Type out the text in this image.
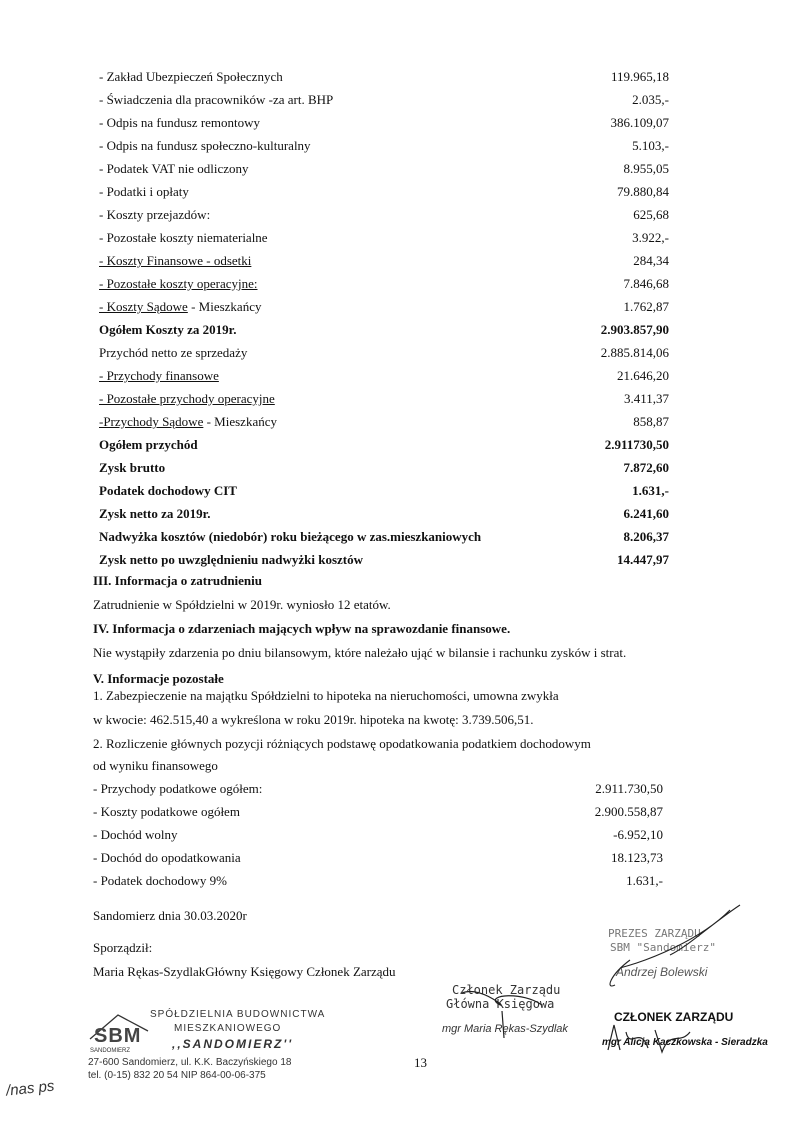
- Zakład Ubezpieczeń Społecznych	119.965,18
- Świadczenia dla pracowników -za art. BHP	2.035,-
- Odpis na fundusz remontowy	386.109,07
- Odpis na fundusz społeczno-kulturalny	5.103,-
- Podatek VAT nie odliczony	8.955,05
- Podatki i opłaty	79.880,84
- Koszty przejazdów:	625,68
- Pozostałe koszty niematerialne	3.922,-
- Koszty Finansowe - odsetki	284,34
- Pozostałe koszty operacyjne:	7.846,68
- Koszty Sądowe - Mieszkańcy	1.762,87
Ogółem Koszty za 2019r.	2.903.857,90
Przychód netto ze sprzedaży	2.885.814,06
- Przychody finansowe	21.646,20
- Pozostałe przychody operacyjne	3.411,37
-Przychody Sądowe - Mieszkańcy	858,87
Ogółem przychód	2.911730,50
Zysk brutto	7.872,60
Podatek dochodowy CIT	1.631,-
Zysk netto za 2019r.	6.241,60
Nadwyżka kosztów (niedobór) roku bieżącego w zas.mieszkaniowych	8.206,37
Zysk netto po uwzględnieniu nadwyżki kosztów	14.447,97
III. Informacja o zatrudnieniu
Zatrudnienie w Spółdzielni w 2019r. wyniosło 12 etatów.
IV. Informacja o zdarzeniach mających wpływ na sprawozdanie finansowe.
Nie wystąpiły zdarzenia po dniu bilansowym, które należało ująć w bilansie i rachunku zysków i strat.
V. Informacje pozostałe
1. Zabezpieczenie na majątku Spółdzielni to hipoteka na nieruchomości, umowna zwykła
w kwocie: 462.515,40 a wykreślona w roku 2019r. hipoteka na kwotę: 3.739.506,51.
2. Rozliczenie głównych pozycji różniących podstawę opodatkowania podatkiem dochodowym
od wyniku finansowego
- Przychody podatkowe ogółem:	2.911.730,50
- Koszty podatkowe ogółem	2.900.558,87
- Dochód wolny	-6.952,10
- Dochód do opodatkowania	18.123,73
- Podatek dochodowy 9%	1.631,-
Sandomierz dnia 30.03.2020r
Sporządził:
Maria Rękas-SzydlakGłówny Księgowy Członek Zarządu
13
SPÓŁDZIELNIA BUDOWNICTWA
MIESZKANIOWEGO
SBM
SANDOMIERZ	,,SANDOMIERZ''
27-600 Sandomierz, ul. K.K. Baczyńskiego 18
tel. (0-15) 832 20 54 NIP 864-00-06-375
Członek Zarządu
Główna Księgowa
mgr Maria Rękas-Szydlak
PREZES ZARZĄDU
SBM "Sandomierz"
Andrzej Bolewski
CZŁONEK ZARZĄDU
mgr Alicja Kaczkowska - Sieradzka
/nas ps
